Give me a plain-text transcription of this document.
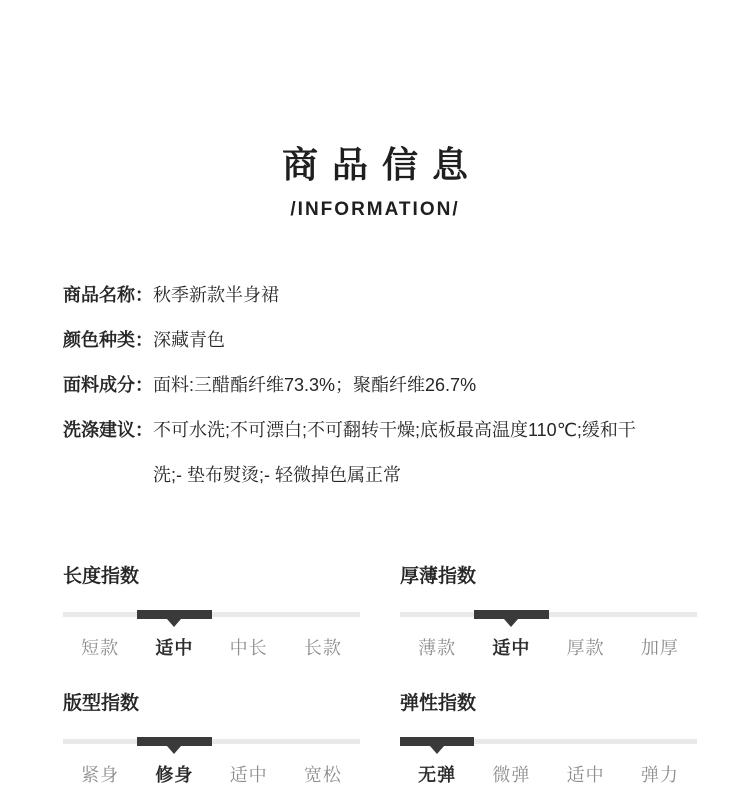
商品信息
/INFORMATION/
商品名称： 秋季新款半身裙
颜色种类： 深藏青色
面料成分： 面料:三醋酯纤维73.3%；聚酯纤维26.7%
洗涤建议： 不可水洗;不可漂白;不可翻转干燥;底板最高温度110℃;缓和干洗;- 垫布熨烫;- 轻微掉色属正常
长度指数
短款	适中	中长	长款
厚薄指数
薄款	适中	厚款	加厚
版型指数
紧身	修身	适中	宽松
弹性指数
无弹	微弹	适中	弹力
